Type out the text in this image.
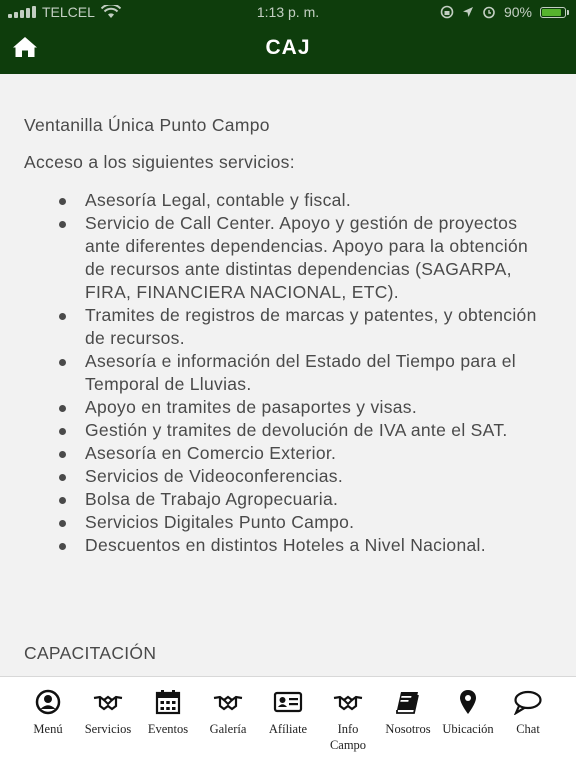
TELCEL	1:13 p. m.	90%
CAJ

Ventanilla Única Punto Campo

Acceso a los siguientes servicios:

Asesoría Legal, contable y fiscal.
Servicio de Call Center. Apoyo y gestión de proyectos ante diferentes dependencias. Apoyo para la obtención de recursos ante distintas dependencias (SAGARPA, FIRA, FINANCIERA NACIONAL, ETC).
Tramites de registros de marcas y patentes, y obtención de recursos.
Asesoría e información del Estado del Tiempo para el Temporal de Lluvias.
Apoyo en tramites de pasaportes y visas.
Gestión y tramites de devolución de IVA ante el SAT.
Asesoría en Comercio Exterior.
Servicios de Videoconferencias.
Bolsa de Trabajo Agropecuaria.
Servicios Digitales Punto Campo.
Descuentos en distintos Hoteles a Nivel Nacional.

CAPACITACIÓN

Menú	Servicios	Eventos	Galería	Afíliate	Info Campo
Nosotros Ubicación	Chat
